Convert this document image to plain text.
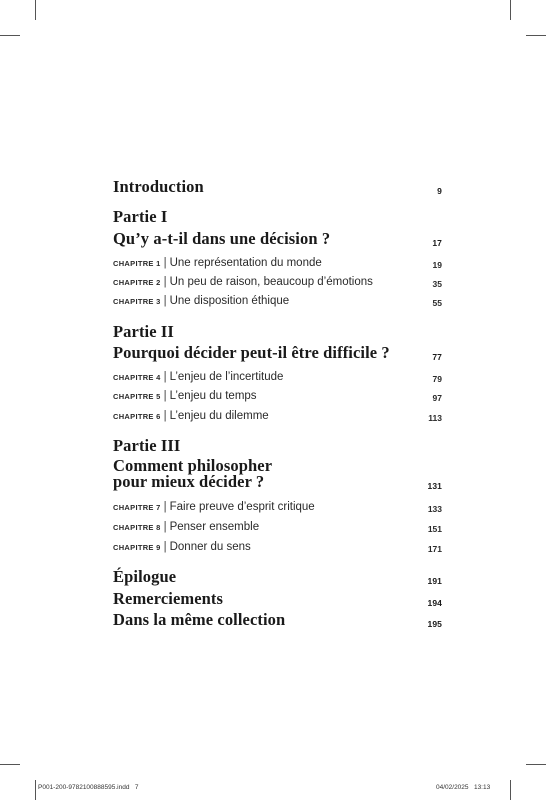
Introduction	9
Partie I
Qu’y a-t-il dans une décision ?	17
CHAPITRE 1 | Une représentation du monde	19
CHAPITRE 2 | Un peu de raison, beaucoup d’émotions	35
CHAPITRE 3 | Une disposition éthique	55
Partie II
Pourquoi décider peut-il être difficile ?	77
CHAPITRE 4 | L’enjeu de l’incertitude	79
CHAPITRE 5 | L’enjeu du temps	97
CHAPITRE 6 | L’enjeu du dilemme	113
Partie III
Comment philosopher
pour mieux décider ?	131
CHAPITRE 7 | Faire preuve d’esprit critique	133
CHAPITRE 8 | Penser ensemble	151
CHAPITRE 9 | Donner du sens	171
Épilogue	191
Remerciements	194
Dans la même collection	195
P001-200-9782100888595.indd   7	04/02/2025   13:13
